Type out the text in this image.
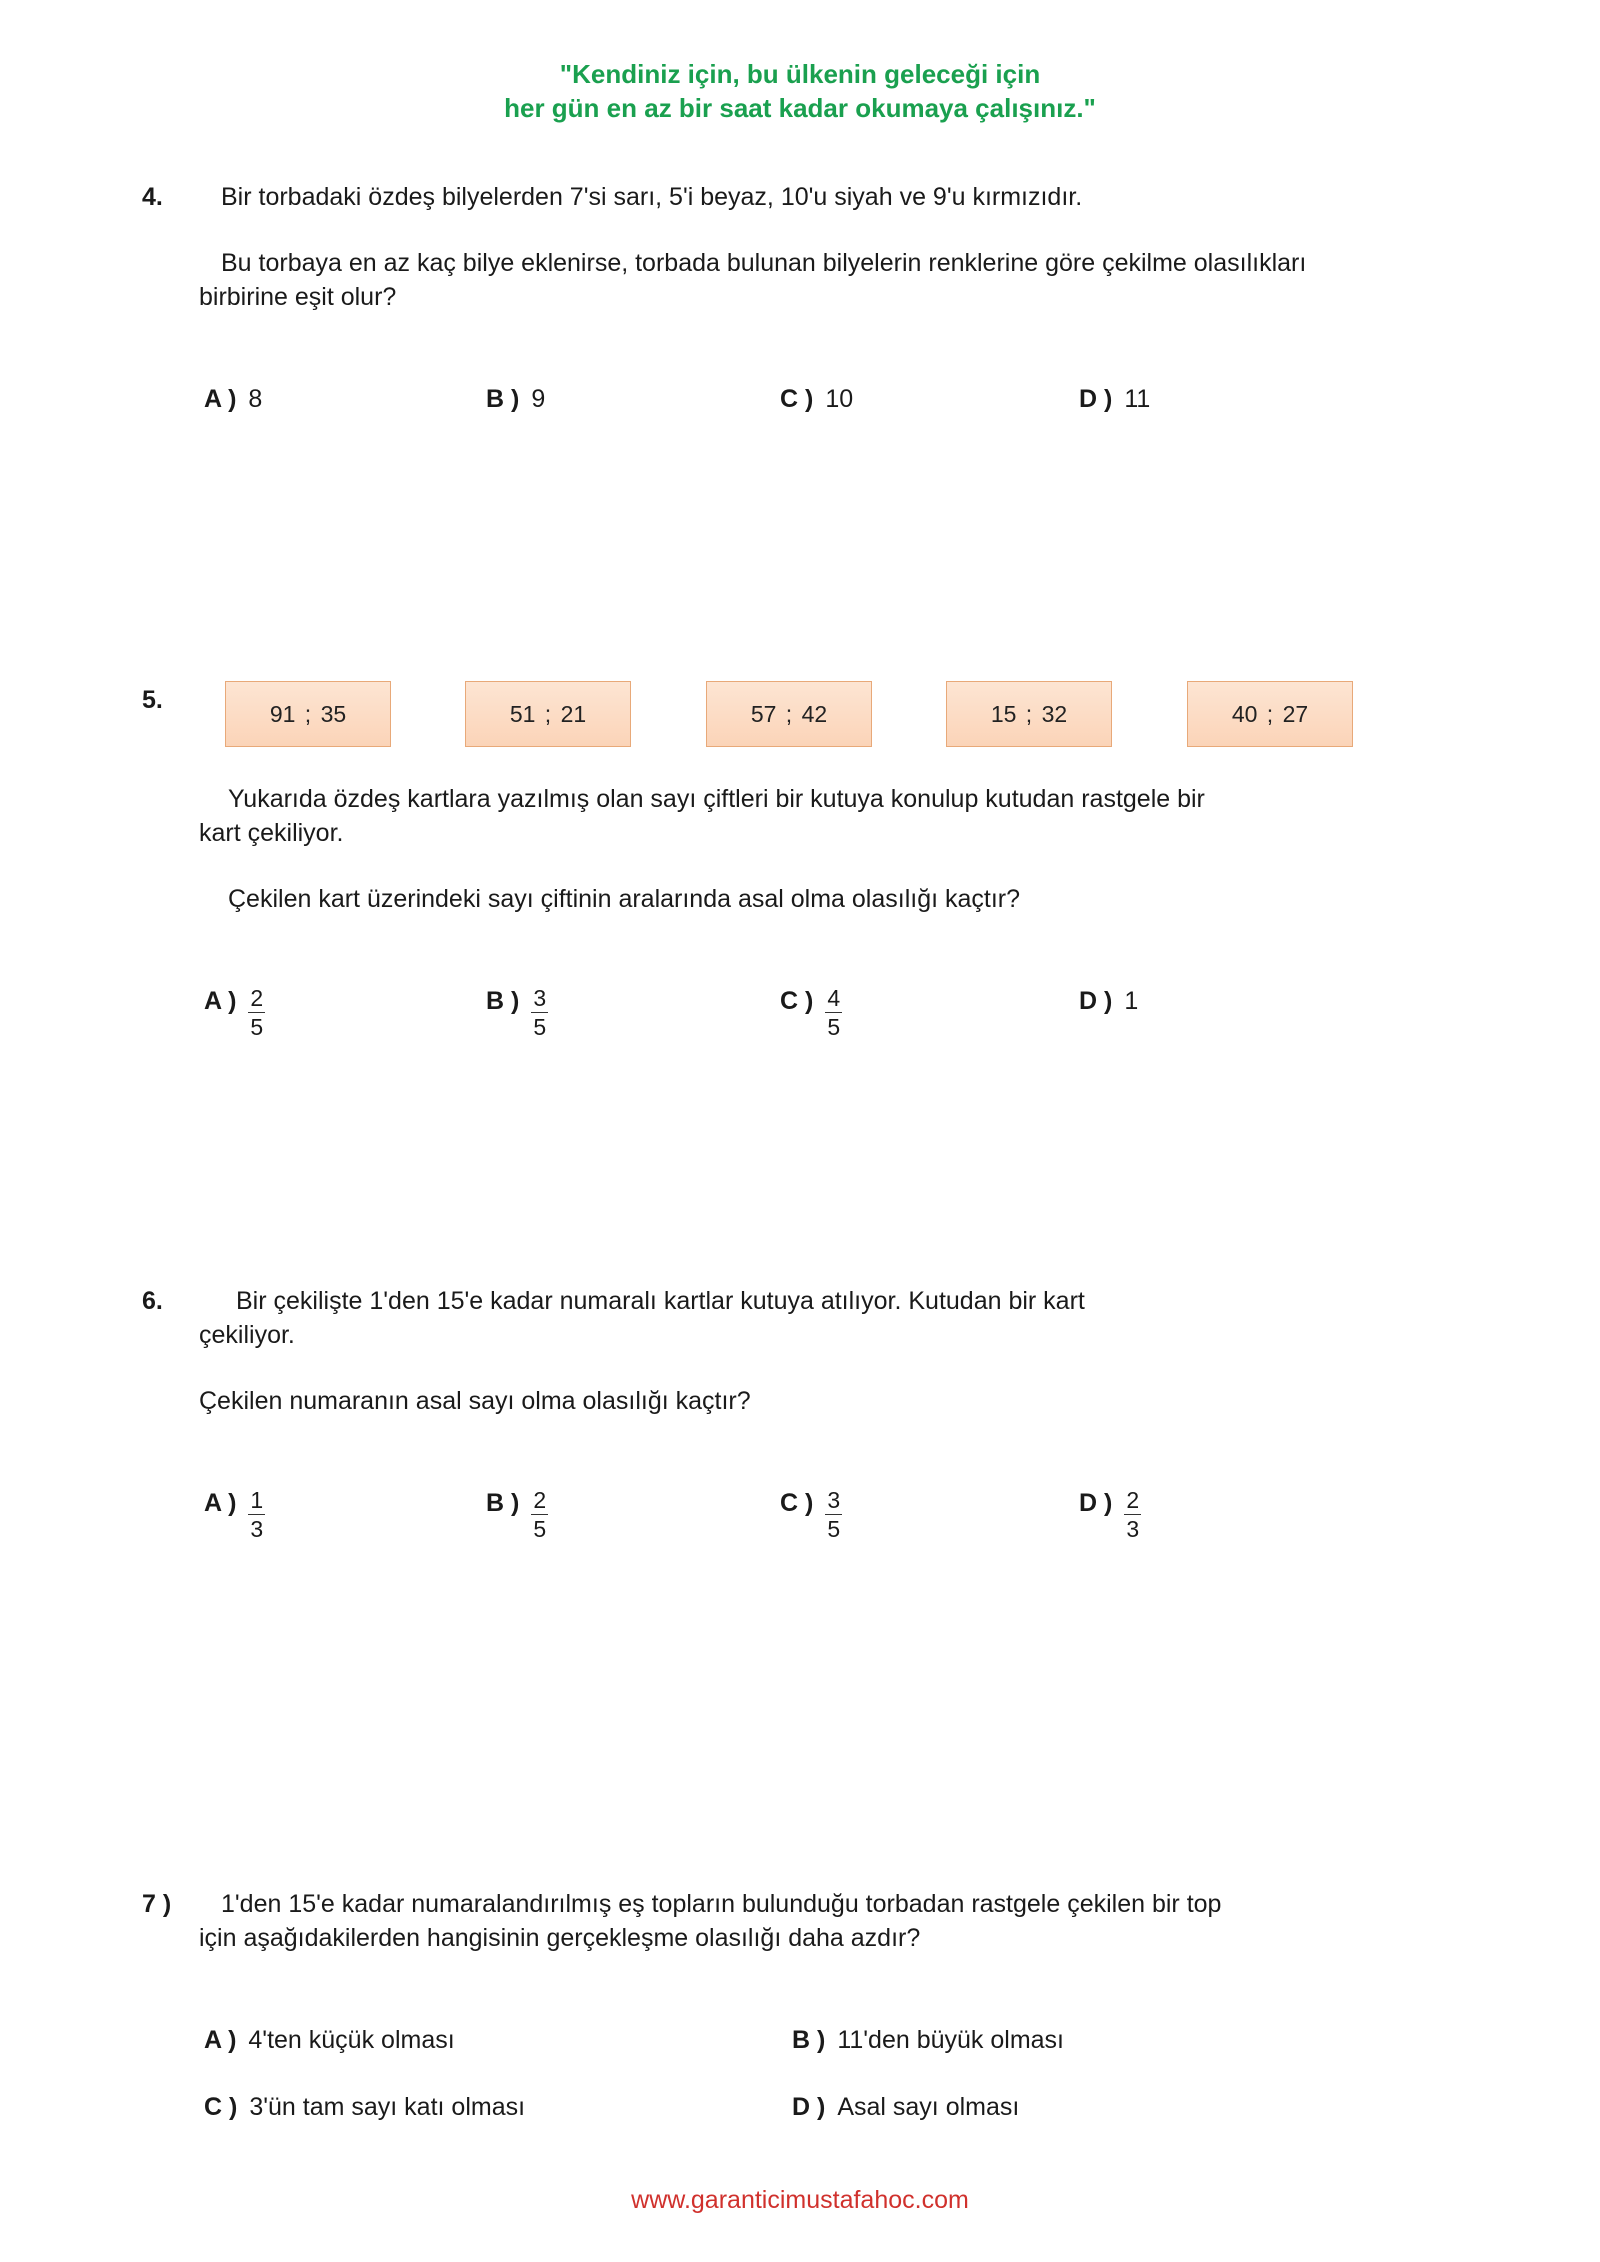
"Kendiniz için, bu ülkenin geleceği için
her gün en az bir saat kadar okumaya çalışınız."
4. Bir torbadaki özdeş bilyelerden 7'si sarı, 5'i beyaz, 10'u siyah ve 9'u kırmızıdır.
Bu torbaya en az kaç bilye eklenirse, torbada bulunan bilyelerin renklerine göre çekilme olasılıkları
birbirine eşit olur?
A ) 8	B ) 9	C ) 10	D ) 11
5.	91 ; 35	51 ; 21	57 ; 42	15 ; 32	40 ; 27
Yukarıda özdeş kartlara yazılmış olan sayı çiftleri bir kutuya konulup kutudan rastgele bir
kart çekiliyor.
Çekilen kart üzerindeki sayı çiftinin aralarında asal olma olasılığı kaçtır?
A ) $\frac{2}{5}$	B ) $\frac{3}{5}$	C ) $\frac{4}{5}$	D ) 1
6.	Bir çekilişte 1'den 15'e kadar numaralı kartlar kutuya atılıyor. Kutudan bir kart
çekiliyor.
Çekilen numaranın asal sayı olma olasılığı kaçtır?
A ) $\frac{1}{3}$	B ) $\frac{2}{5}$	C ) $\frac{3}{5}$	D ) $\frac{2}{3}$
7 ) 1'den 15'e kadar numaralandırılmış eş topların bulunduğu torbadan rastgele çekilen bir top
için aşağıdakilerden hangisinin gerçekleşme olasılığı daha azdır?
A ) 4'ten küçük olması	B ) 11'den büyük olması
C ) 3'ün tam sayı katı olması	D ) Asal sayı olması
www.garanticimustafahoc.com
